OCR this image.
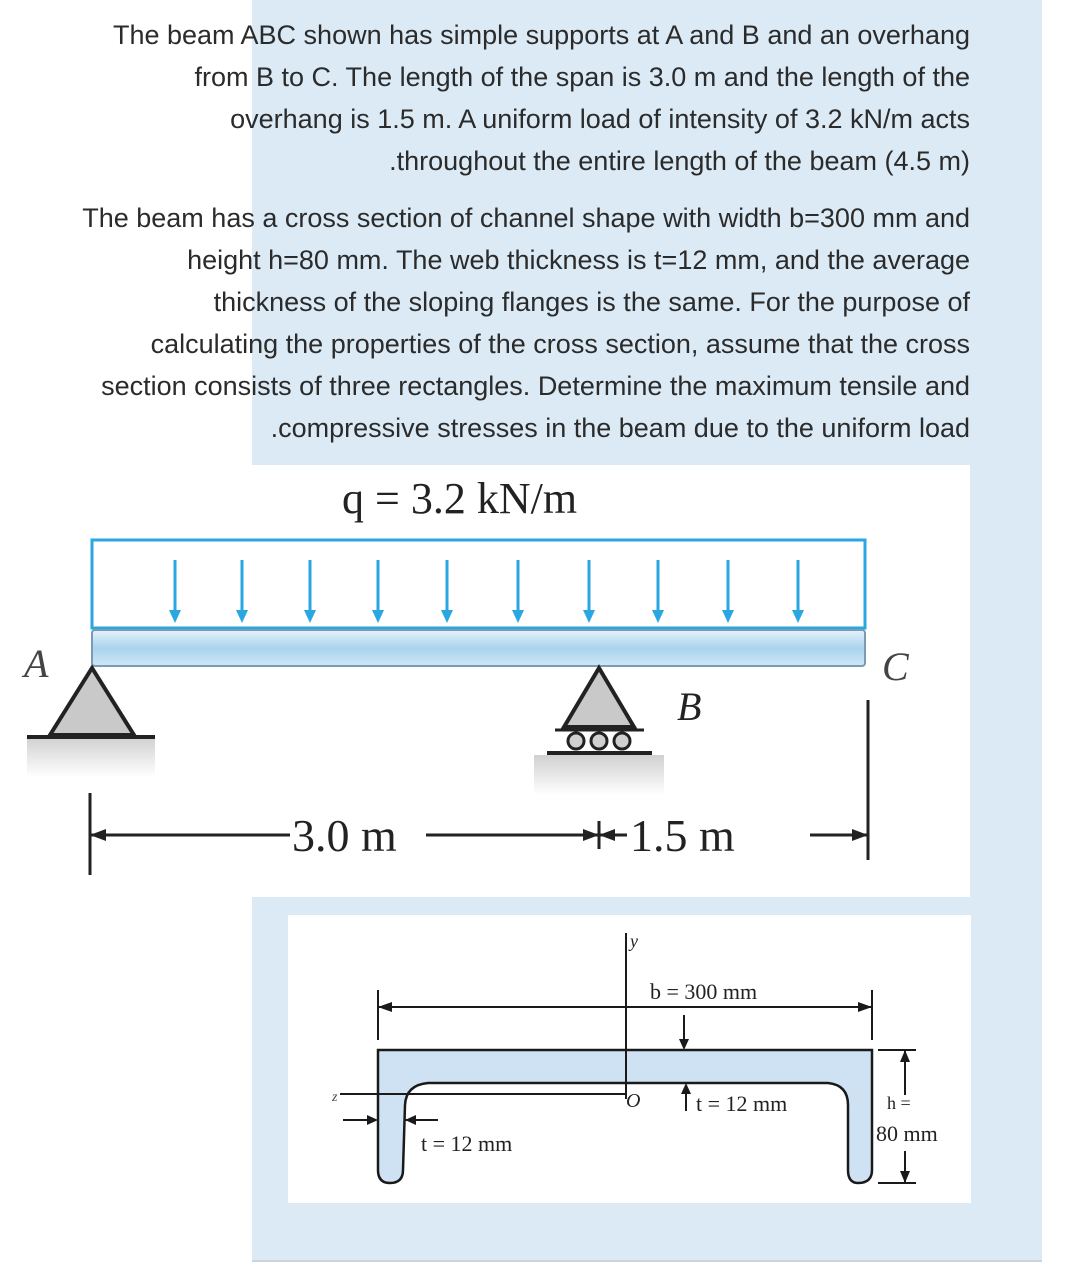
The beam ABC shown has simple supports at A and B and an overhang
from B to C. The length of the span is 3.0 m and the length of the
overhang is 1.5 m. A uniform load of intensity of 3.2 kN/m acts
.throughout the entire length of the beam (4.5 m)
The beam has a cross section of channel shape with width b=300 mm and
height h=80 mm. The web thickness is t=12 mm, and the average
thickness of the sloping flanges is the same. For the purpose of
calculating the properties of the cross section, assume that the cross
section consists of three rectangles. Determine the maximum tensile and
.compressive stresses in the beam due to the uniform load
q = 3.2 kN/m
A
B
C
3.0 m	1.5 m
y
O
z
b = 300 mm
t = 12 mm
t = 12 mm
h =
80 mm
